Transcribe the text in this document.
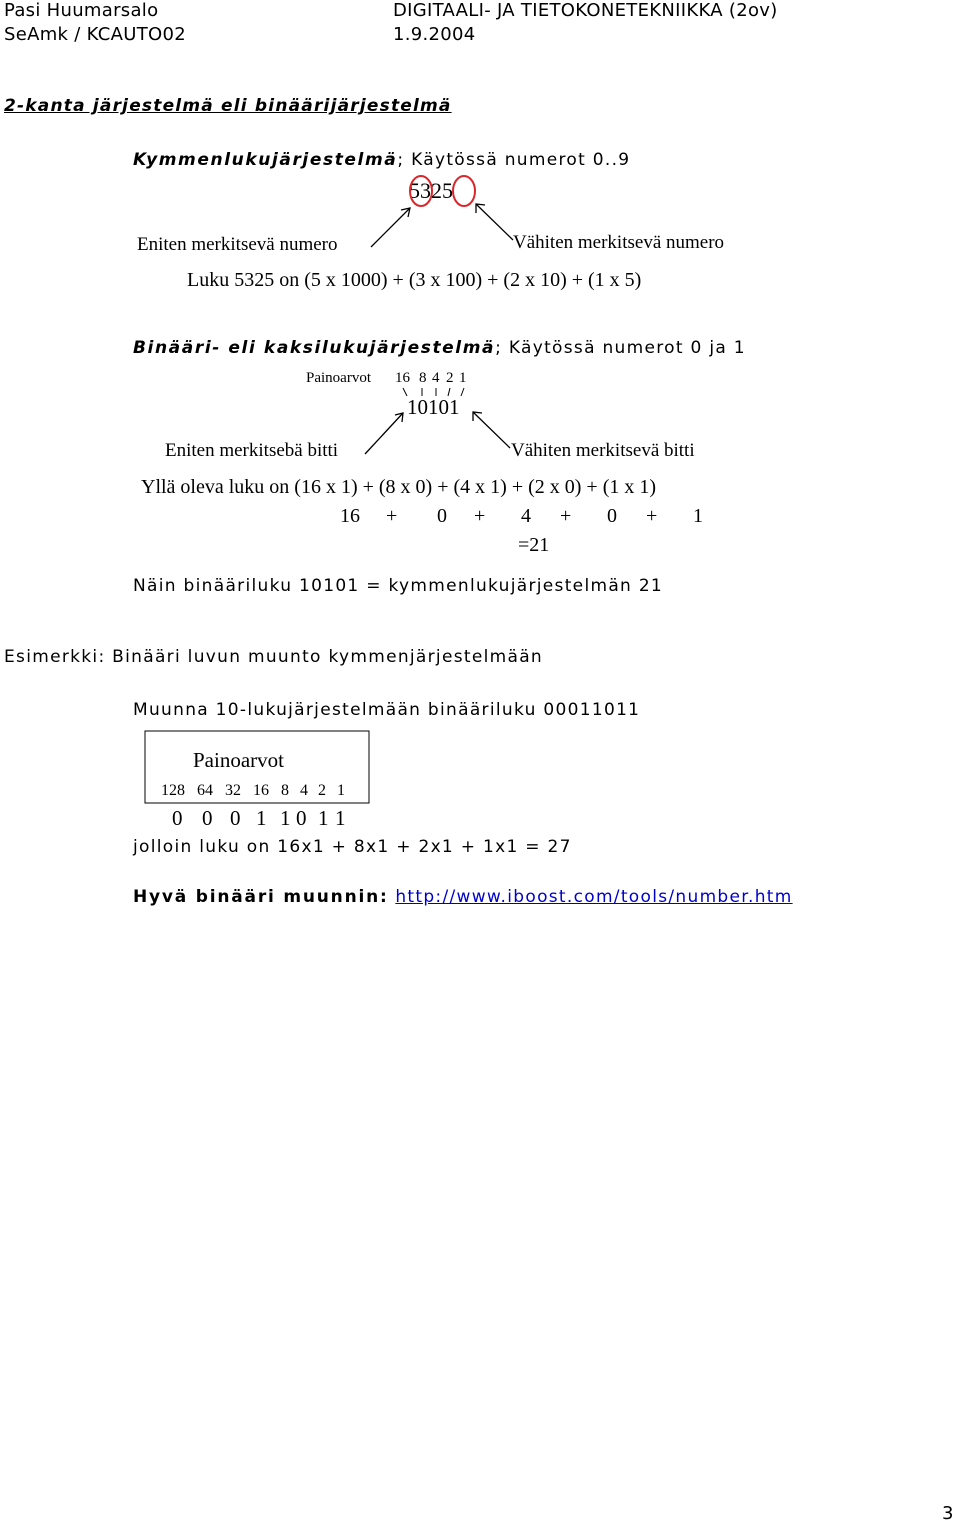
Pasi Huumarsalo	DIGITAALI- JA TIETOKONETEKNIIKKA (2ov)
SeAmk / KCAUTO02	1.9.2004
2-kanta järjestelmä eli binäärijärjestelmä
Kymmenlukujärjestelmä; Käytössä numerot 0..9
5325
Eniten merkitsevä numero	Vähiten merkitsevä numero
Luku 5325 on (5 x 1000) + (3 x 100) + (2 x 10) + (1 x 5)
Binääri- eli kaksilukujärjestelmä; Käytössä numerot 0 ja 1
Painoarvot 16 8 4 2 1
10101
Eniten merkitsebä bitti	Vähiten merkitsevä bitti
Yllä oleva luku on (16 x 1) + (8 x 0) + (4 x 1) + (2 x 0) + (1 x 1)
16 + 0 + 4 + 0 + 1
=21
Näin binääriluku 10101 = kymmenlukujärjestelmän 21
Esimerkki: Binääri luvun muunto kymmenjärjestelmään
Muunna 10-lukujärjestelmään binääriluku 00011011
Painoarvot
128 64 32 16 8 4 2 1
0 0 0 1 1 0 1 1
jolloin luku on 16x1 + 8x1 + 2x1 + 1x1 = 27
Hyvä binääri muunnin: http://www.iboost.com/tools/number.htm
3
